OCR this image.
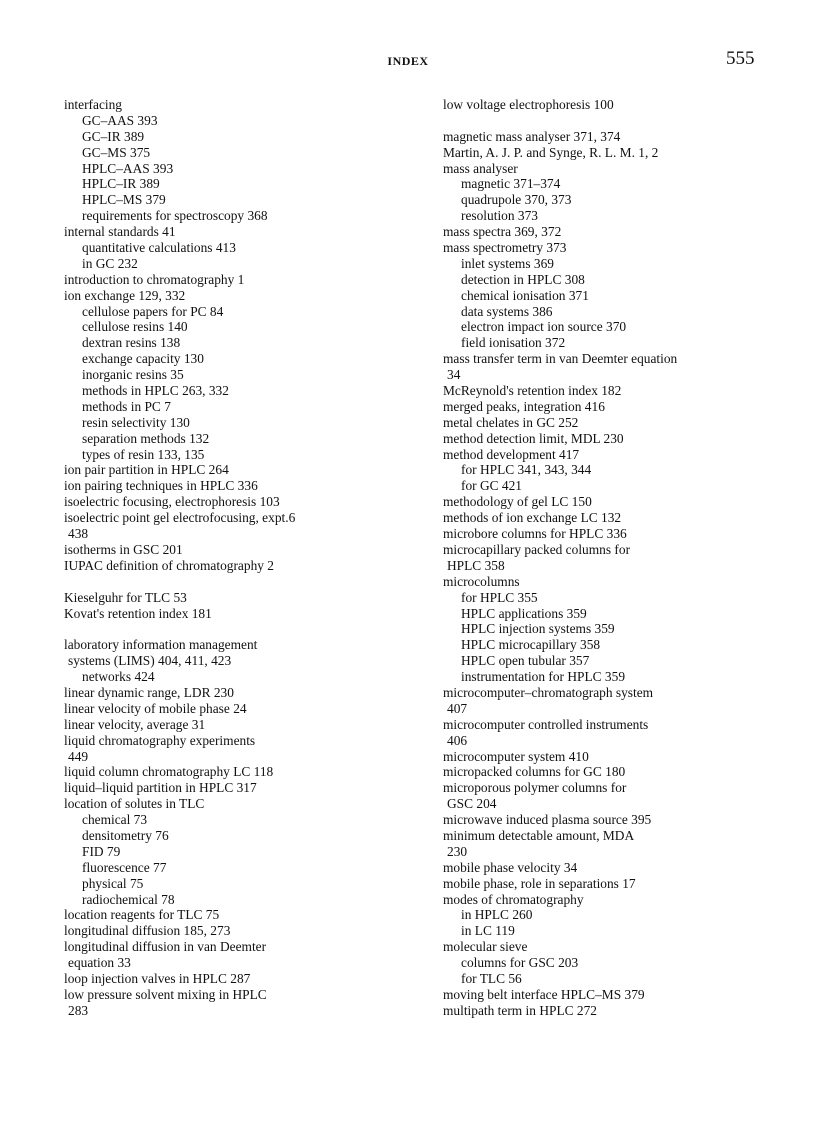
INDEX	555
interfacing
GC–AAS 393
GC–IR 389
GC–MS 375
HPLC–AAS 393
HPLC–IR 389
HPLC–MS 379
requirements for spectroscopy 368
internal standards 41
quantitative calculations 413
in GC 232
introduction to chromatography 1
ion exchange 129, 332
cellulose papers for PC 84
cellulose resins 140
dextran resins 138
exchange capacity 130
inorganic resins 35
methods in HPLC 263, 332
methods in PC 7
resin selectivity 130
separation methods 132
types of resin 133, 135
ion pair partition in HPLC 264
ion pairing techniques in HPLC 336
isoelectric focusing, electrophoresis 103
isoelectric point gel electrofocusing, expt.6
438
isotherms in GSC 201
IUPAC definition of chromatography 2
Kieselguhr for TLC 53
Kovat's retention index 181
laboratory information management
systems (LIMS) 404, 411, 423
networks 424
linear dynamic range, LDR 230
linear velocity of mobile phase 24
linear velocity, average 31
liquid chromatography experiments
449
liquid column chromatography LC 118
liquid–liquid partition in HPLC 317
location of solutes in TLC
chemical 73
densitometry 76
FID 79
fluorescence 77
physical 75
radiochemical 78
location reagents for TLC 75
longitudinal diffusion 185, 273
longitudinal diffusion in van Deemter
equation 33
loop injection valves in HPLC 287
low pressure solvent mixing in HPLC
283
low voltage electrophoresis 100
magnetic mass analyser 371, 374
Martin, A. J. P. and Synge, R. L. M. 1, 2
mass analyser
magnetic 371–374
quadrupole 370, 373
resolution 373
mass spectra 369, 372
mass spectrometry 373
inlet systems 369
detection in HPLC 308
chemical ionisation 371
data systems 386
electron impact ion source 370
field ionisation 372
mass transfer term in van Deemter equation
34
McReynold's retention index 182
merged peaks, integration 416
metal chelates in GC 252
method detection limit, MDL 230
method development 417
for HPLC 341, 343, 344
for GC 421
methodology of gel LC 150
methods of ion exchange LC 132
microbore columns for HPLC 336
microcapillary packed columns for
HPLC 358
microcolumns
for HPLC 355
HPLC applications 359
HPLC injection systems 359
HPLC microcapillary 358
HPLC open tubular 357
instrumentation for HPLC 359
microcomputer–chromatograph system
407
microcomputer controlled instruments
406
microcomputer system 410
micropacked columns for GC 180
microporous polymer columns for
GSC 204
microwave induced plasma source 395
minimum detectable amount, MDA
230
mobile phase velocity 34
mobile phase, role in separations 17
modes of chromatography
in HPLC 260
in LC 119
molecular sieve
columns for GSC 203
for TLC 56
moving belt interface HPLC–MS 379
multipath term in HPLC 272
